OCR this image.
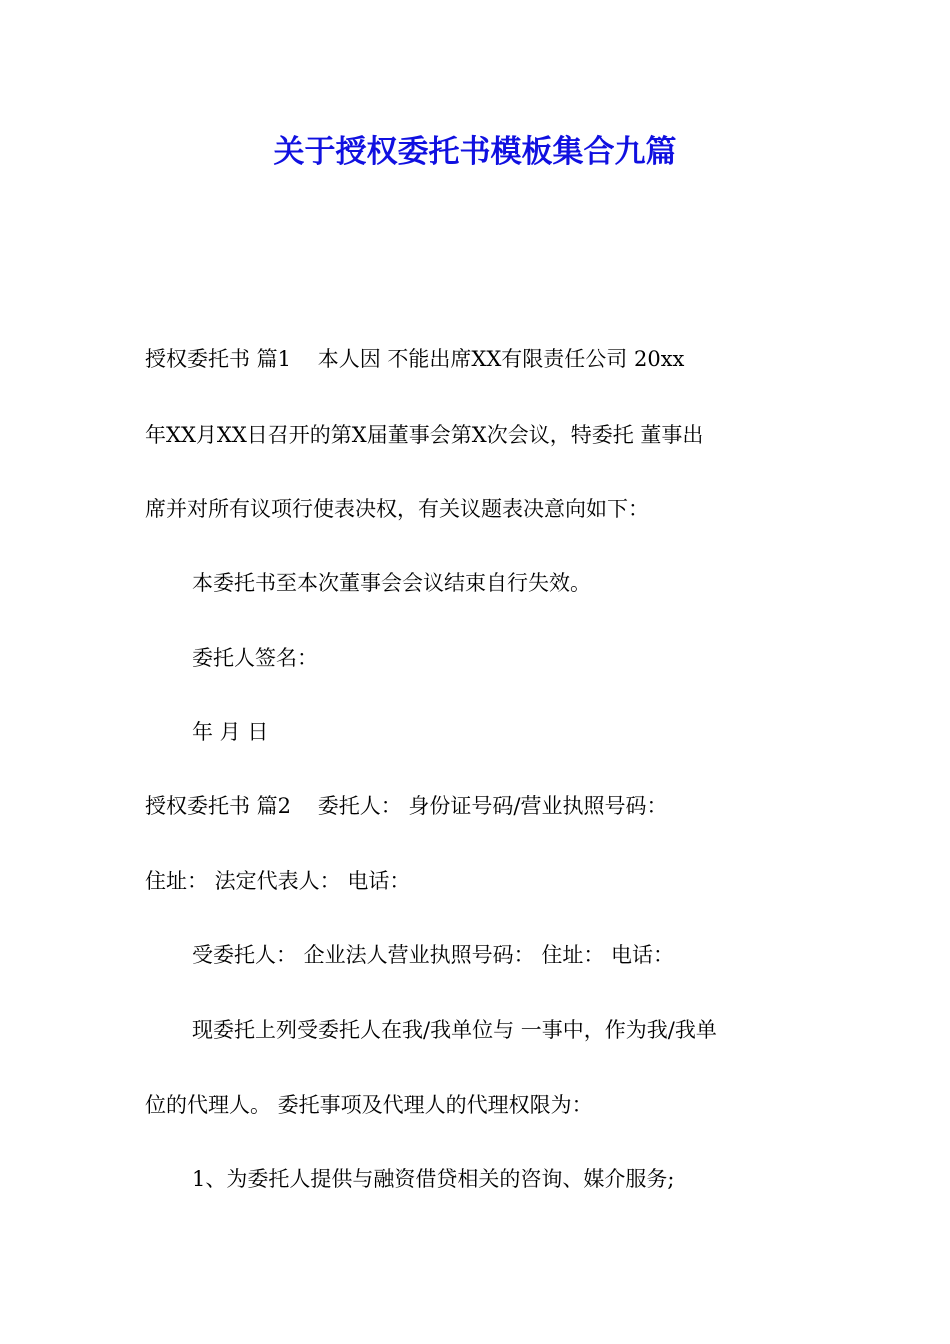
关于授权委托书模板集合九篇
授权委托书 篇1    本人因 不能出席XX有限责任公司 20xx
年XX月XX日召开的第X届董事会第X次会议，特委托 董事出
席并对所有议项行使表决权，有关议题表决意向如下：
本委托书至本次董事会会议结束自行失效。
委托人签名：
年 月 日
授权委托书 篇2    委托人： 身份证号码/营业执照号码：
住址： 法定代表人： 电话：
受委托人： 企业法人营业执照号码： 住址： 电话：
现委托上列受委托人在我/我单位与 一事中，作为我/我单
位的代理人。 委托事项及代理人的代理权限为：
1、为委托人提供与融资借贷相关的咨询、媒介服务;
